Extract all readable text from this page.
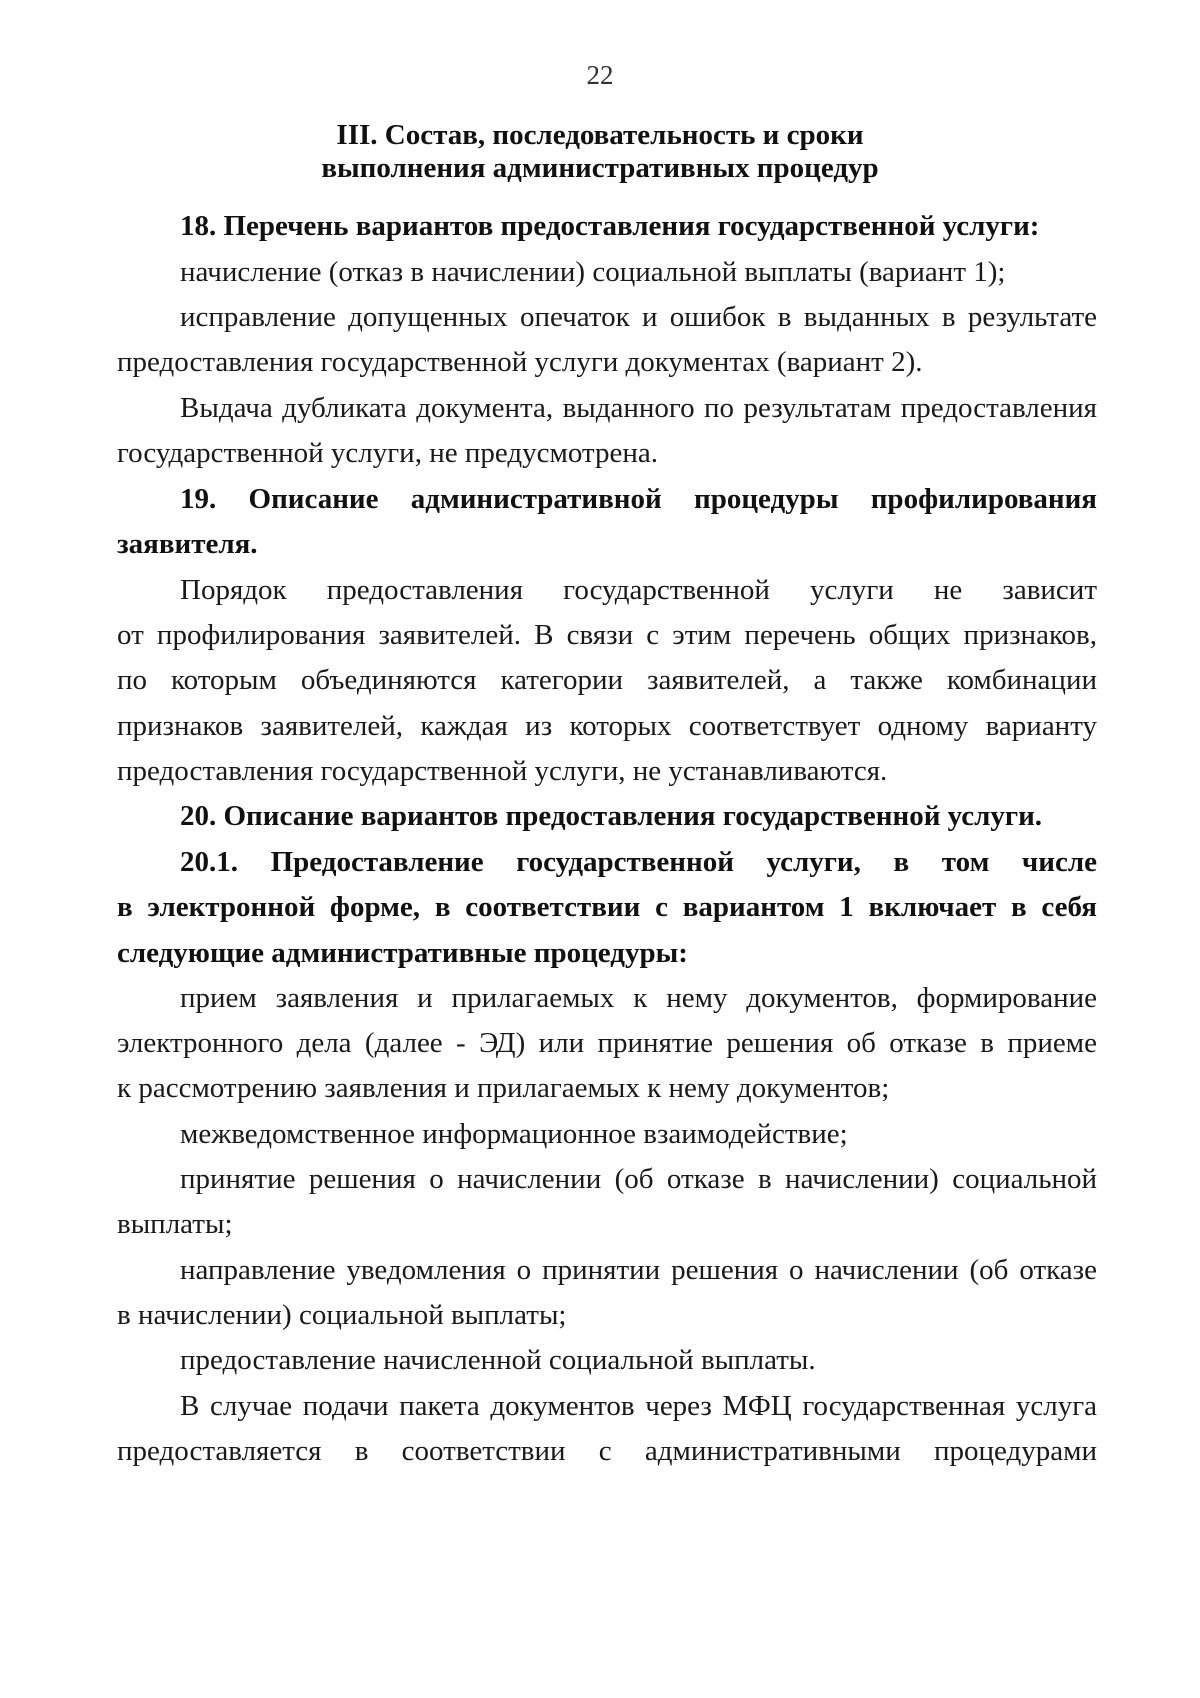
22
III. Состав, последовательность и сроки
выполнения административных процедур
18. Перечень вариантов предоставления государственной услуги:
начисление (отказ в начислении) социальной выплаты (вариант 1);
исправление допущенных опечаток и ошибок в выданных в результате
предоставления государственной услуги документах (вариант 2).
Выдача дубликата документа, выданного по результатам предоставления
государственной услуги, не предусмотрена.
19. Описание административной процедуры профилирования
заявителя.
Порядок предоставления государственной услуги не зависит
от профилирования заявителей. В связи с этим перечень общих признаков,
по которым объединяются категории заявителей, а также комбинации
признаков заявителей, каждая из которых соответствует одному варианту
предоставления государственной услуги, не устанавливаются.
20. Описание вариантов предоставления государственной услуги.
20.1. Предоставление государственной услуги, в том числе
в электронной форме, в соответствии с вариантом 1 включает в себя
следующие административные процедуры:
прием заявления и прилагаемых к нему документов, формирование
электронного дела (далее - ЭД) или принятие решения об отказе в приеме
к рассмотрению заявления и прилагаемых к нему документов;
межведомственное информационное взаимодействие;
принятие решения о начислении (об отказе в начислении) социальной
выплаты;
направление уведомления о принятии решения о начислении (об отказе
в начислении) социальной выплаты;
предоставление начисленной социальной выплаты.
В случае подачи пакета документов через МФЦ государственная услуга
предоставляется в соответствии с административными процедурами
